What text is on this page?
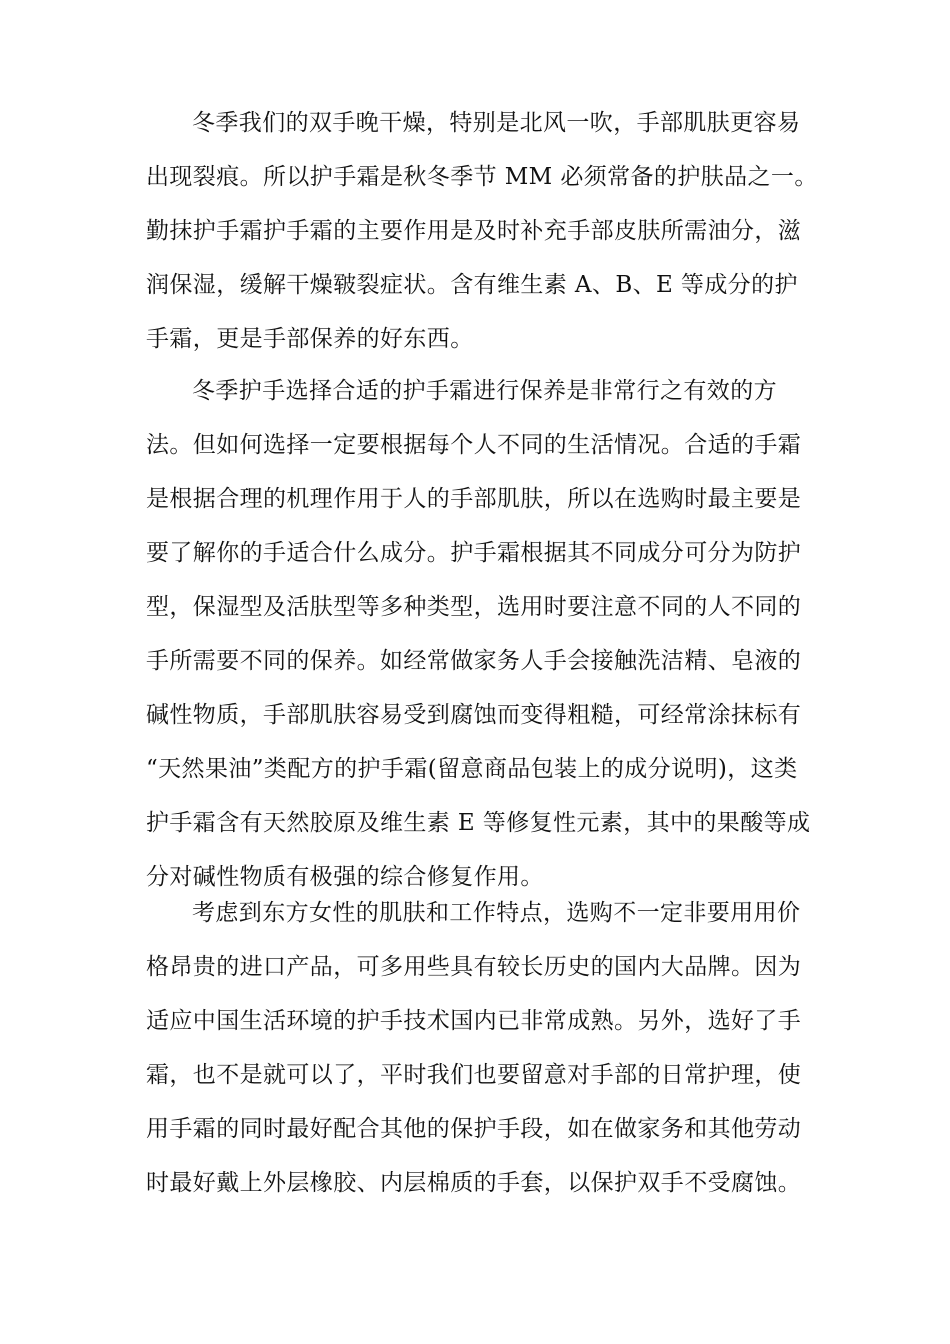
冬季我们的双手晚干燥，特别是北风一吹，手部肌肤更容易
出现裂痕。所以护手霜是秋冬季节 MM 必须常备的护肤品之一。
勤抹护手霜护手霜的主要作用是及时补充手部皮肤所需油分，滋
润保湿，缓解干燥皲裂症状。含有维生素 A、B、E 等成分的护
手霜，更是手部保养的好东西。
冬季护手选择合适的护手霜进行保养是非常行之有效的方
法。但如何选择一定要根据每个人不同的生活情况。合适的手霜
是根据合理的机理作用于人的手部肌肤，所以在选购时最主要是
要了解你的手适合什么成分。护手霜根据其不同成分可分为防护
型，保湿型及活肤型等多种类型，选用时要注意不同的人不同的
手所需要不同的保养。如经常做家务人手会接触洗洁精、皂液的
碱性物质，手部肌肤容易受到腐蚀而变得粗糙，可经常涂抹标有
“天然果油”类配方的护手霜(留意商品包装上的成分说明)，这类
护手霜含有天然胶原及维生素 E 等修复性元素，其中的果酸等成
分对碱性物质有极强的综合修复作用。
考虑到东方女性的肌肤和工作特点，选购不一定非要用用价
格昂贵的进口产品，可多用些具有较长历史的国内大品牌。因为
适应中国生活环境的护手技术国内已非常成熟。另外，选好了手
霜，也不是就可以了，平时我们也要留意对手部的日常护理，使
用手霜的同时最好配合其他的保护手段，如在做家务和其他劳动
时最好戴上外层橡胶、内层棉质的手套，以保护双手不受腐蚀。
